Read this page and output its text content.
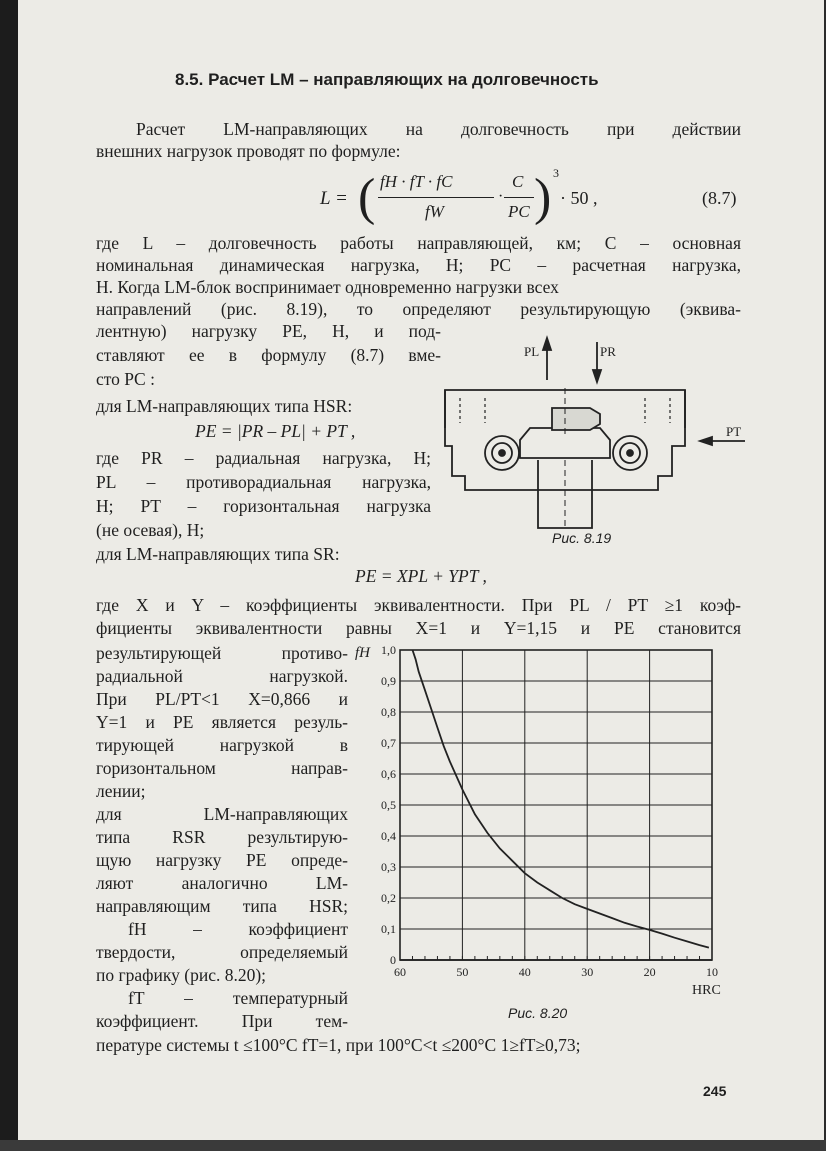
8.5. Расчет LM – направляющих на долговечность
Расчет LM-направляющих на долговечность при действии
внешних нагрузок проводят по формуле:
L = ( fH · fT · fC
fW
·
C
PC ) 3
· 50 ,	(8.7)
где L – долговечность работы направляющей, км; C – основная
номинальная динамическая нагрузка, Н; PC – расчетная нагрузка,
Н. Когда LM-блок воспринимает одновременно нагрузки всех
направлений (рис. 8.19), то определяют результирующую (эквива-
лентную) нагрузку PE, Н, и под-
ставляют ее в формулу (8.7) вме-
сто PC :
для LM-направляющих типа HSR:
PE = |PR – PL| + PT ,
где PR – радиальная нагрузка, Н;
PL – противорадиальная нагрузка,
Н; PT – горизонтальная нагрузка
(не осевая), Н;
для LM-направляющих типа SR:
PE = XPL + YPT ,
где X и Y – коэффициенты эквивалентности. При PL / PT ≥1 коэф-
фициенты эквивалентности равны X=1 и Y=1,15 и PE становится
результирующей противо-
радиальной нагрузкой.
При PL/PT<1 X=0,866 и
Y=1 и PE является резуль-
тирующей нагрузкой в
горизонтальном направ-
лении;
для LM-направляющих
типа RSR результирую-
щую нагрузку PE опреде-
ляют аналогично LM-
направляющим типа HSR;
fH – коэффициент
твердости, определяемый
по графику (рис. 8.20);
fT – температурный
коэффициент. При тем-
пературе системы t ≤100°C fT=1, при 100°C<t ≤200°C 1≥fT≥0,73;
PL	PR
PT
Рис. 8.19
fH
0
0,1
0,2
0,3
0,4
0,5
0,6
0,7
0,8
0,9
1,0
60	50	40	30	20	10
HRC
Рис. 8.20
245
